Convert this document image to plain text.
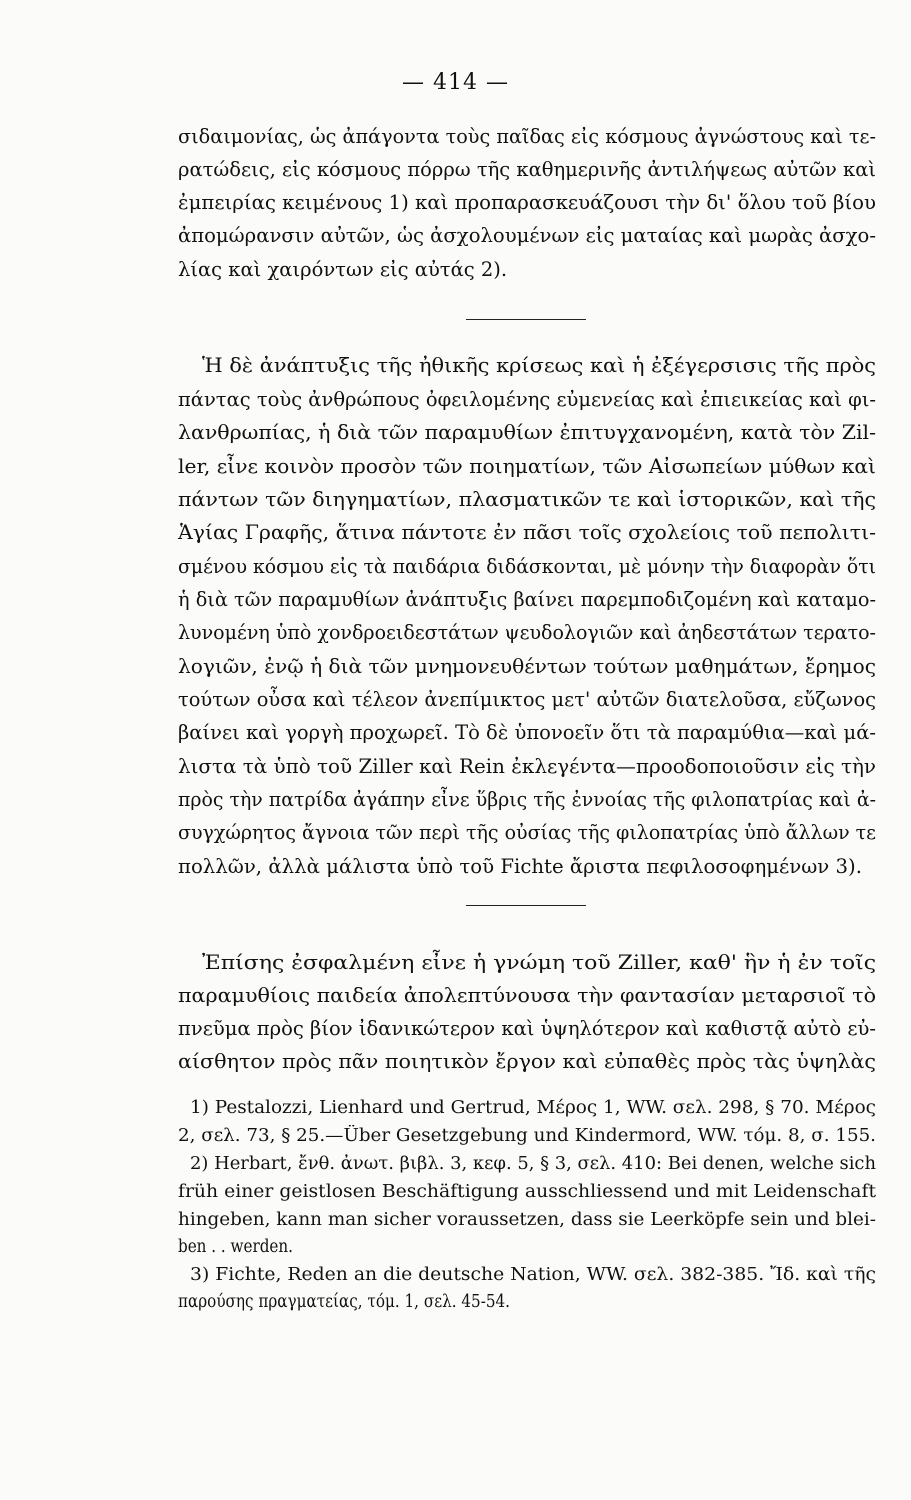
— 414 —
σιδαιμονίας, ὡς ἀπάγοντα τοὺς παῖδας εἰς κόσμους ἀγνώστους καὶ τε-
ρατώδεις, εἰς κόσμους πόρρω τῆς καθημερινῆς ἀντιλήψεως αὐτῶν καὶ
ἐμπειρίας κειμένους 1) καὶ προπαρασκευάζουσι τὴν δι' ὅλου τοῦ βίου
ἀπομώρανσιν αὐτῶν, ὡς ἀσχολουμένων εἰς ματαίας καὶ μωρὰς ἀσχο-
λίας καὶ χαιρόντων εἰς αὐτάς 2).
Ἡ δὲ ἀνάπτυξις τῆς ἠθικῆς κρίσεως καὶ ἡ ἐξέγερσισις τῆς πρὸς
πάντας τοὺς ἀνθρώπους ὀφειλομένης εὐμενείας καὶ ἐπιεικείας καὶ φι-
λανθρωπίας, ἡ διὰ τῶν παραμυθίων ἐπιτυγχανομένη, κατὰ τὸν Zil-
ler, εἶνε κοινὸν προσὸν τῶν ποιηματίων, τῶν Αἰσωπείων μύθων καὶ
πάντων τῶν διηγηματίων, πλασματικῶν τε καὶ ἱστορικῶν, καὶ τῆς
Ἁγίας Γραφῆς, ἅτινα πάντοτε ἐν πᾶσι τοῖς σχολείοις τοῦ πεπολιτι-
σμένου κόσμου εἰς τὰ παιδάρια διδάσκονται, μὲ μόνην τὴν διαφορὰν ὅτι
ἡ διὰ τῶν παραμυθίων ἀνάπτυξις βαίνει παρεμποδιζομένη καὶ καταμο-
λυνομένη ὑπὸ χονδροειδεστάτων ψευδολογιῶν καὶ ἀηδεστάτων τερατο-
λογιῶν, ἐνῷ ἡ διὰ τῶν μνημονευθέντων τούτων μαθημάτων, ἔρημος
τούτων οὖσα καὶ τέλεον ἀνεπίμικτος μετ' αὐτῶν διατελοῦσα, εὔζωνος
βαίνει καὶ γοργὴ προχωρεῖ. Τὸ δὲ ὑπονοεῖν ὅτι τὰ παραμύθια—καὶ μά-
λιστα τὰ ὑπὸ τοῦ Ziller καὶ Rein ἐκλεγέντα—προοδοποιοῦσιν εἰς τὴν
πρὸς τὴν πατρίδα ἀγάπην εἶνε ὕβρις τῆς ἐννοίας τῆς φιλοπατρίας καὶ ἀ-
συγχώρητος ἄγνοια τῶν περὶ τῆς οὐσίας τῆς φιλοπατρίας ὑπὸ ἄλλων τε
πολλῶν, ἀλλὰ μάλιστα ὑπὸ τοῦ Fichte ἄριστα πεφιλοσοφημένων 3).
Ἐπίσης ἐσφαλμένη εἶνε ἡ γνώμη τοῦ Ziller, καθ' ἣν ἡ ἐν τοῖς
παραμυθίοις παιδεία ἀπολεπτύνουσα τὴν φαντασίαν μεταρσιοῖ τὸ
πνεῦμα πρὸς βίον ἰδανικώτερον καὶ ὑψηλότερον καὶ καθιστᾷ αὐτὸ εὐ-
αίσθητον πρὸς πᾶν ποιητικὸν ἔργον καὶ εὐπαθὲς πρὸς τὰς ὑψηλὰς
1) Pestalozzi, Lienhard und Gertrud, Μέρος 1, WW. σελ. 298, § 70. Μέρος
2, σελ. 73, § 25.—Über Gesetzgebung und Kindermord, WW. τόμ. 8, σ. 155.
2) Herbart, ἔνθ. ἀνωτ. βιβλ. 3, κεφ. 5, § 3, σελ. 410: Bei denen, welche sich
früh einer geistlosen Beschäftigung ausschliessend und mit Leidenschaft
hingeben, kann man sicher voraussetzen, dass sie Leerköpfe sein und blei-
ben . . werden.
3) Fichte, Reden an die deutsche Nation, WW. σελ. 382-385. Ἴδ. καὶ τῆς
παρούσης πραγματείας, τόμ. 1, σελ. 45-54.
